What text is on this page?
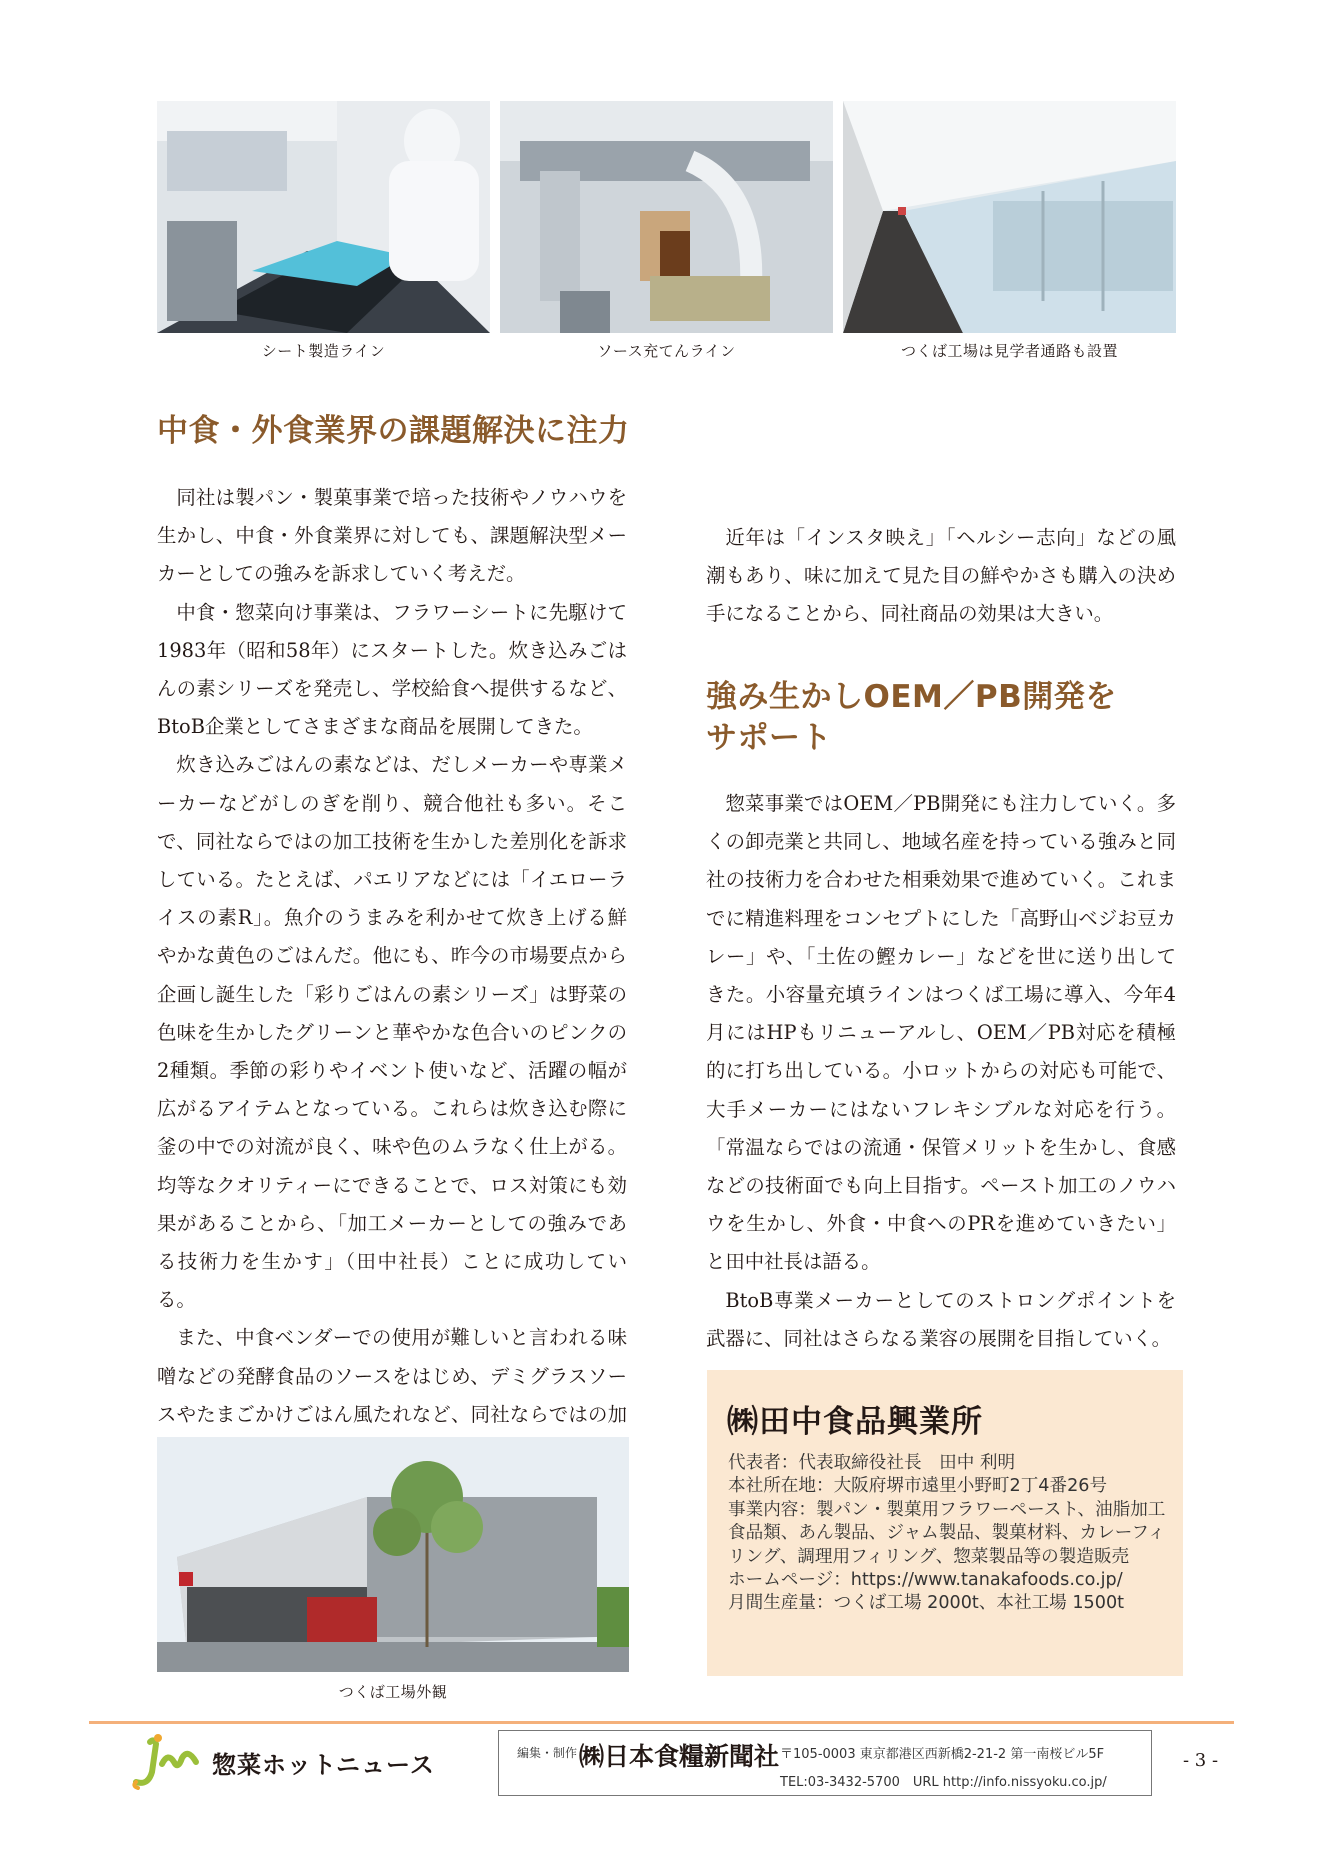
シート製造ライン	ソース充てんライン	つくば工場は見学者通路も設置
中食・外食業界の課題解決に注力

同社は製パン・製菓事業で培った技術やノウハウを生かし、中食・外食業界に対しても、課題解決型メーカーとしての強みを訴求していく考えだ。

中食・惣菜向け事業は、フラワーシートに先駆けて1983年（昭和58年）にスタートした。炊き込みごはんの素シリーズを発売し、学校給食へ提供するなど、BtoB企業としてさまざまな商品を展開してきた。

炊き込みごはんの素などは、だしメーカーや専業メーカーなどがしのぎを削り、競合他社も多い。そこで、同社ならではの加工技術を生かした差別化を訴求している。たとえば、パエリアなどには「イエローライスの素R」。魚介のうまみを利かせて炊き上げる鮮やかな黄色のごはんだ。他にも、昨今の市場要点から企画し誕生した「彩りごはんの素シリーズ」は野菜の色味を生かしたグリーンと華やかな色合いのピンクの2種類。季節の彩りやイベント使いなど、活躍の幅が広がるアイテムとなっている。これらは炊き込む際に釜の中での対流が良く、味や色のムラなく仕上がる。均等なクオリティーにできることで、ロス対策にも効果があることから、「加工メーカーとしての強みである技術力を生かす」（田中社長）ことに成功している。

また、中食ベンダーでの使用が難しいと言われる味噌などの発酵食品のソースをはじめ、デミグラスソースやたまごかけごはん風たれなど、同社ならではの加

つくば工場外観

近年は「インスタ映え」「ヘルシー志向」などの風潮もあり、味に加えて見た目の鮮やかさも購入の決め手になることから、同社商品の効果は大きい。

強み生かしOEM／PB開発を
サポート

惣菜事業ではOEM／PB開発にも注力していく。多くの卸売業と共同し、地域名産を持っている強みと同社の技術力を合わせた相乗効果で進めていく。これまでに精進料理をコンセプトにした「高野山ベジお豆カレー」や、「土佐の鰹カレー」などを世に送り出してきた。小容量充填ラインはつくば工場に導入、今年4月にはHPもリニューアルし、OEM／PB対応を積極的に打ち出している。小ロットからの対応も可能で、大手メーカーにはないフレキシブルな対応を行う。「常温ならではの流通・保管メリットを生かし、食感などの技術面でも向上目指す。ペースト加工のノウハウを生かし、外食・中食へのPRを進めていきたい」と田中社長は語る。

BtoB専業メーカーとしてのストロングポイントを武器に、同社はさらなる業容の展開を目指していく。

㈱田中食品興業所
代表者：代表取締役社長　田中 利明
本社所在地：大阪府堺市遠里小野町2丁4番26号
事業内容：製パン・製菓用フラワーペースト、油脂加工食品類、あん製品、ジャム製品、製菓材料、カレーフィリング、調理用フィリング、惣菜製品等の製造販売
ホームページ：https://www.tanakafoods.co.jp/
月間生産量：つくば工場 2000t、本社工場 1500t
惣菜ホットニュース	編集・制作 ㈱日本食糧新聞社 〒105-0003 東京都港区西新橋2-21-2 第一南桜ビル5F
TEL:03-3432-5700　URL http://info.nissyoku.co.jp/
- 3 -
